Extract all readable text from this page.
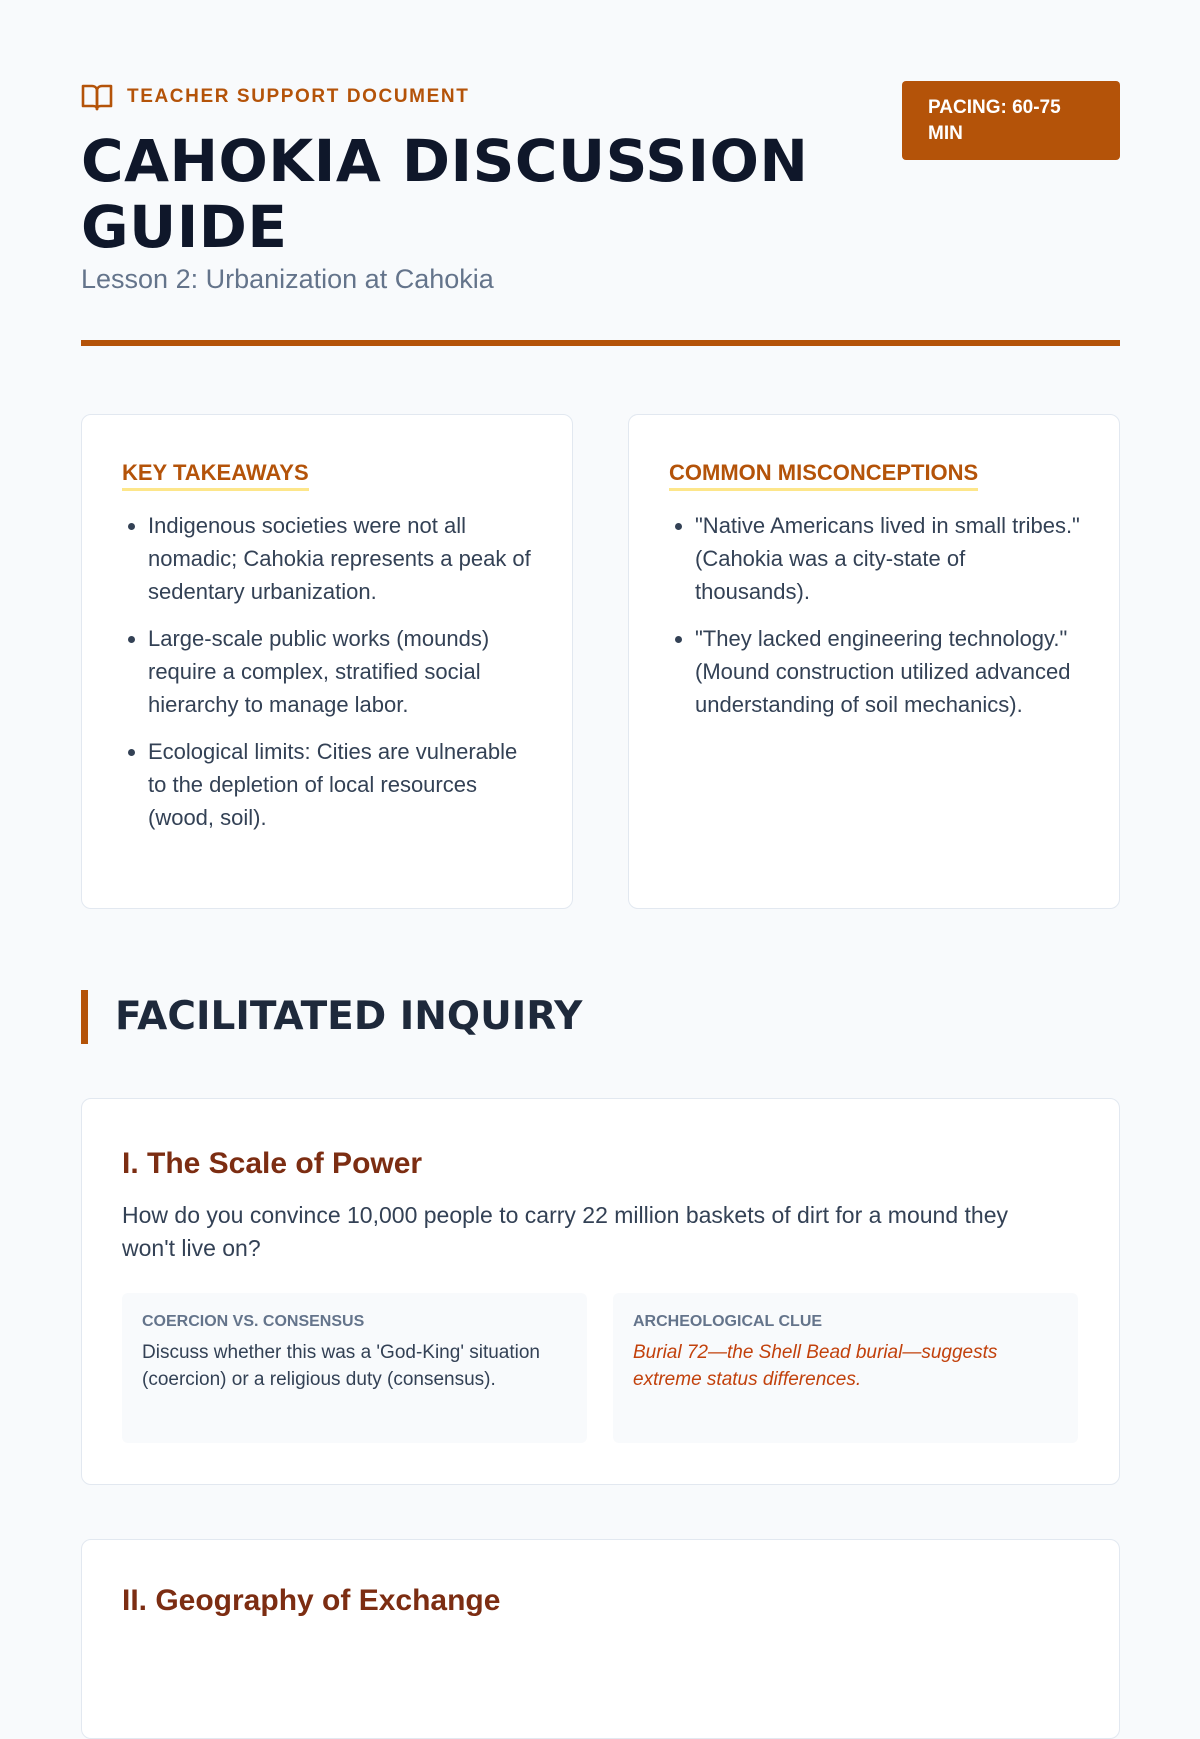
TEACHER SUPPORT DOCUMENT
CAHOKIA DISCUSSION GUIDE
Lesson 2: Urbanization at Cahokia
PACING: 60-75 MIN
KEY TAKEAWAYS
• Indigenous societies were not all nomadic; Cahokia represents a peak of sedentary urbanization.
• Large-scale public works (mounds) require a complex, stratified social hierarchy to manage labor.
• Ecological limits: Cities are vulnerable to the depletion of local resources (wood, soil).
COMMON MISCONCEPTIONS
• "Native Americans lived in small tribes." (Cahokia was a city-state of thousands).
• "They lacked engineering technology." (Mound construction utilized advanced understanding of soil mechanics).
FACILITATED INQUIRY
I. The Scale of Power

How do you convince 10,000 people to carry 22 million baskets of dirt for a mound they won't live on?

COERCION VS. CONSENSUS
Discuss whether this was a 'God-King' situation (coercion) or a religious duty (consensus).
ARCHEOLOGICAL CLUE
Burial 72—the Shell Bead burial—suggests extreme status differences.
II. Geography of Exchange
